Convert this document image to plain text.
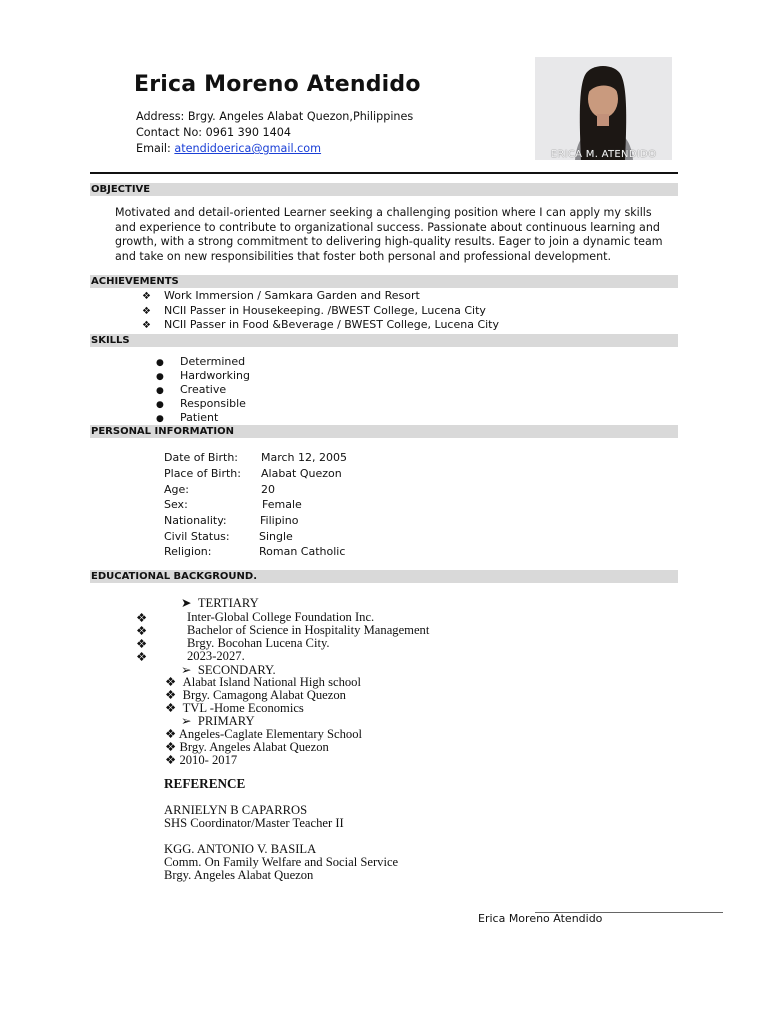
Erica Moreno Atendido
Address: Brgy. Angeles Alabat Quezon,Philippines
Contact No: 0961 390 1404
Email: atendidoerica@gmail.com	ERICA M. ATENDIDO
OBJECTIVE
Motivated and detail-oriented Learner seeking a challenging position where I can apply my skills
and experience to contribute to organizational success. Passionate about continuous learning and
growth, with a strong commitment to delivering high-quality results. Eager to join a dynamic team
and take on new responsibilities that foster both personal and professional development.
ACHIEVEMENTS
❖ Work Immersion / Samkara Garden and Resort
❖ NCII Passer in Housekeeping. /BWEST College, Lucena City
❖ NCII Passer in Food &Beverage / BWEST College, Lucena City
SKILLS
● Determined
● Hardworking
● Creative
● Responsible
● Patient
PERSONAL INFORMATION
Date of Birth: March 12, 2005
Place of Birth: Alabat Quezon
Age:	20
Sex:	Female
Nationality:	Filipino
Civil Status:	Single
Religion:	Roman Catholic
EDUCATIONAL BACKGROUND.
➤ TERTIARY
❖	Inter-Global College Foundation Inc.
❖	Bachelor of Science in Hospitality Management
❖	Brgy. Bocohan Lucena City.
❖	2023-2027.
➢ SECONDARY.
❖ Alabat Island National High school
❖ Brgy. Camagong Alabat Quezon
❖ TVL -Home Economics
➢ PRIMARY
❖ Angeles-Caglate Elementary School
❖ Brgy. Angeles Alabat Quezon
❖ 2010- 2017
REFERENCE
ARNIELYN B CAPARROS
SHS Coordinator/Master Teacher II
KGG. ANTONIO V. BASILA
Comm. On Family Welfare and Social Service
Brgy. Angeles Alabat Quezon
Erica Moreno Atendido
